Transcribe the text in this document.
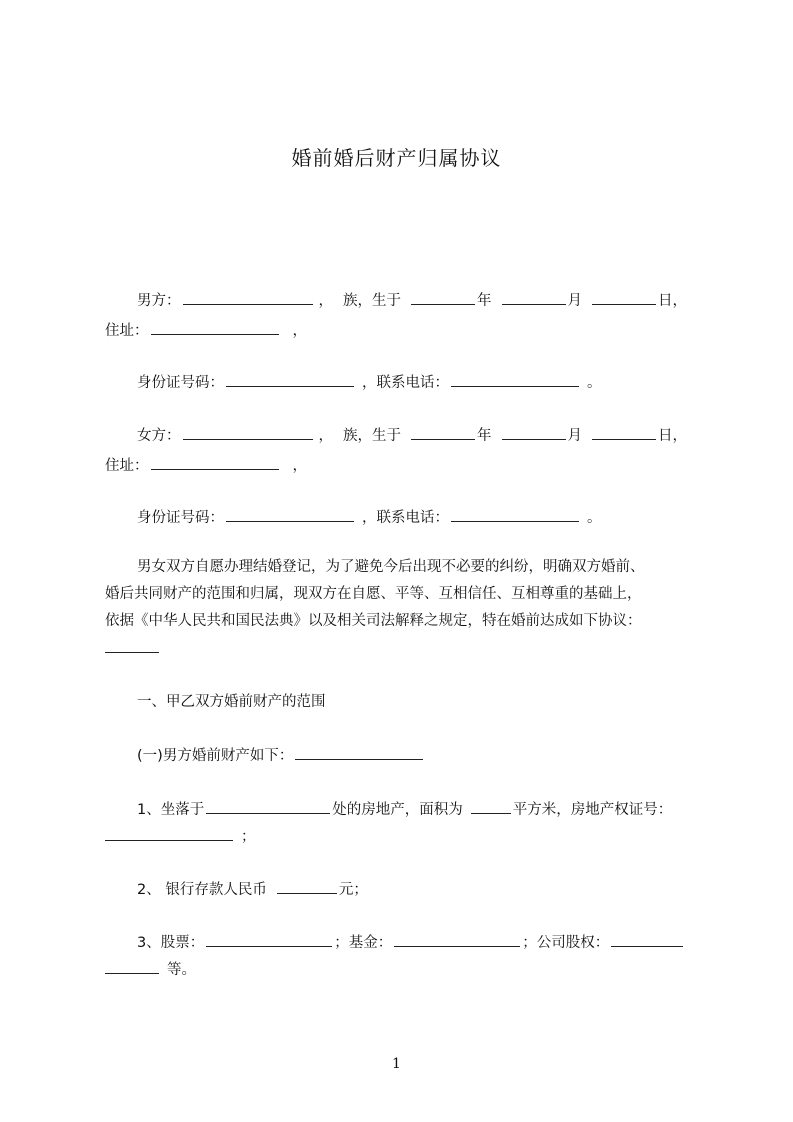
婚前婚后财产归属协议
男方：	， 族，生于	年	月	日，
住址：	，
身份证号码：	，联系电话：	。
女方：	， 族，生于	年	月	日，
住址：	，
身份证号码：	，联系电话：	。
男女双方自愿办理结婚登记，为了避免今后出现不必要的纠纷，明确双方婚前、
婚后共同财产的范围和归属，现双方在自愿、平等、互相信任、互相尊重的基础上，
依据《中华人民共和国民法典》以及相关司法解释之规定，特在婚前达成如下协议：
一、甲乙双方婚前财产的范围
(一)男方婚前财产如下：
1、坐落于	处的房地产，面积为	平方米，房地产权证号：
；
2、 银行存款人民币	元；
3、股票：	；基金：	；公司股权：
等。
1
